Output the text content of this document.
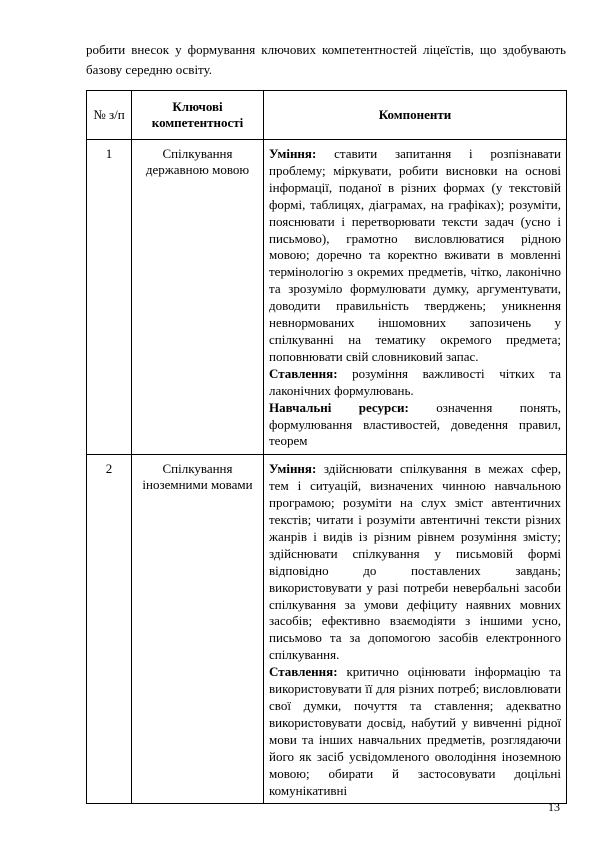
робити внесок у формування ключових компетентностей ліцеїстів, що здобувають базову середню освіту.
№ з/п	Ключові компетентності	Компоненти
1	Спілкування державною мовою	Уміння: ставити запитання і розпізнавати проблему; міркувати, робити висновки на основі інформації, поданої в різних формах (у текстовій формі, таблицях, діаграмах, на графіках); розуміти, пояснювати і перетворювати тексти задач (усно і письмово), грамотно висловлюватися рідною мовою; доречно та коректно вживати в мовленні термінологію з окремих предметів, чітко, лаконічно та зрозуміло формулювати думку, аргументувати, доводити правильність тверджень; уникнення невнормованих іншомовних запозичень у спілкуванні на тематику окремого предмета; поповнювати свій словниковий запас.

Ставлення: розуміння важливості чітких та лаконічних формулювань.

Навчальні ресурси: означення понять, формулювання властивостей, доведення правил, теорем

2	Спілкування іноземними мовами	Уміння: здійснювати спілкування в межах сфер, тем і ситуацій, визначених чинною навчальною програмою; розуміти на слух зміст автентичних текстів; читати і розуміти автентичні тексти різних жанрів і видів із різним рівнем розуміння змісту; здійснювати спілкування у письмовій формі відповідно до поставлених завдань; використовувати у разі потреби невербальні засоби спілкування за умови дефіциту наявних мовних засобів; ефективно взаємодіяти з іншими усно, письмово та за допомогою засобів електронного спілкування.

Ставлення: критично оцінювати інформацію та використовувати її для різних потреб; висловлювати свої думки, почуття та ставлення; адекватно використовувати досвід, набутий у вивченні рідної мови та інших навчальних предметів, розглядаючи його як засіб усвідомленого оволодіння іноземною мовою; обирати й застосовувати доцільні комунікативні

13
